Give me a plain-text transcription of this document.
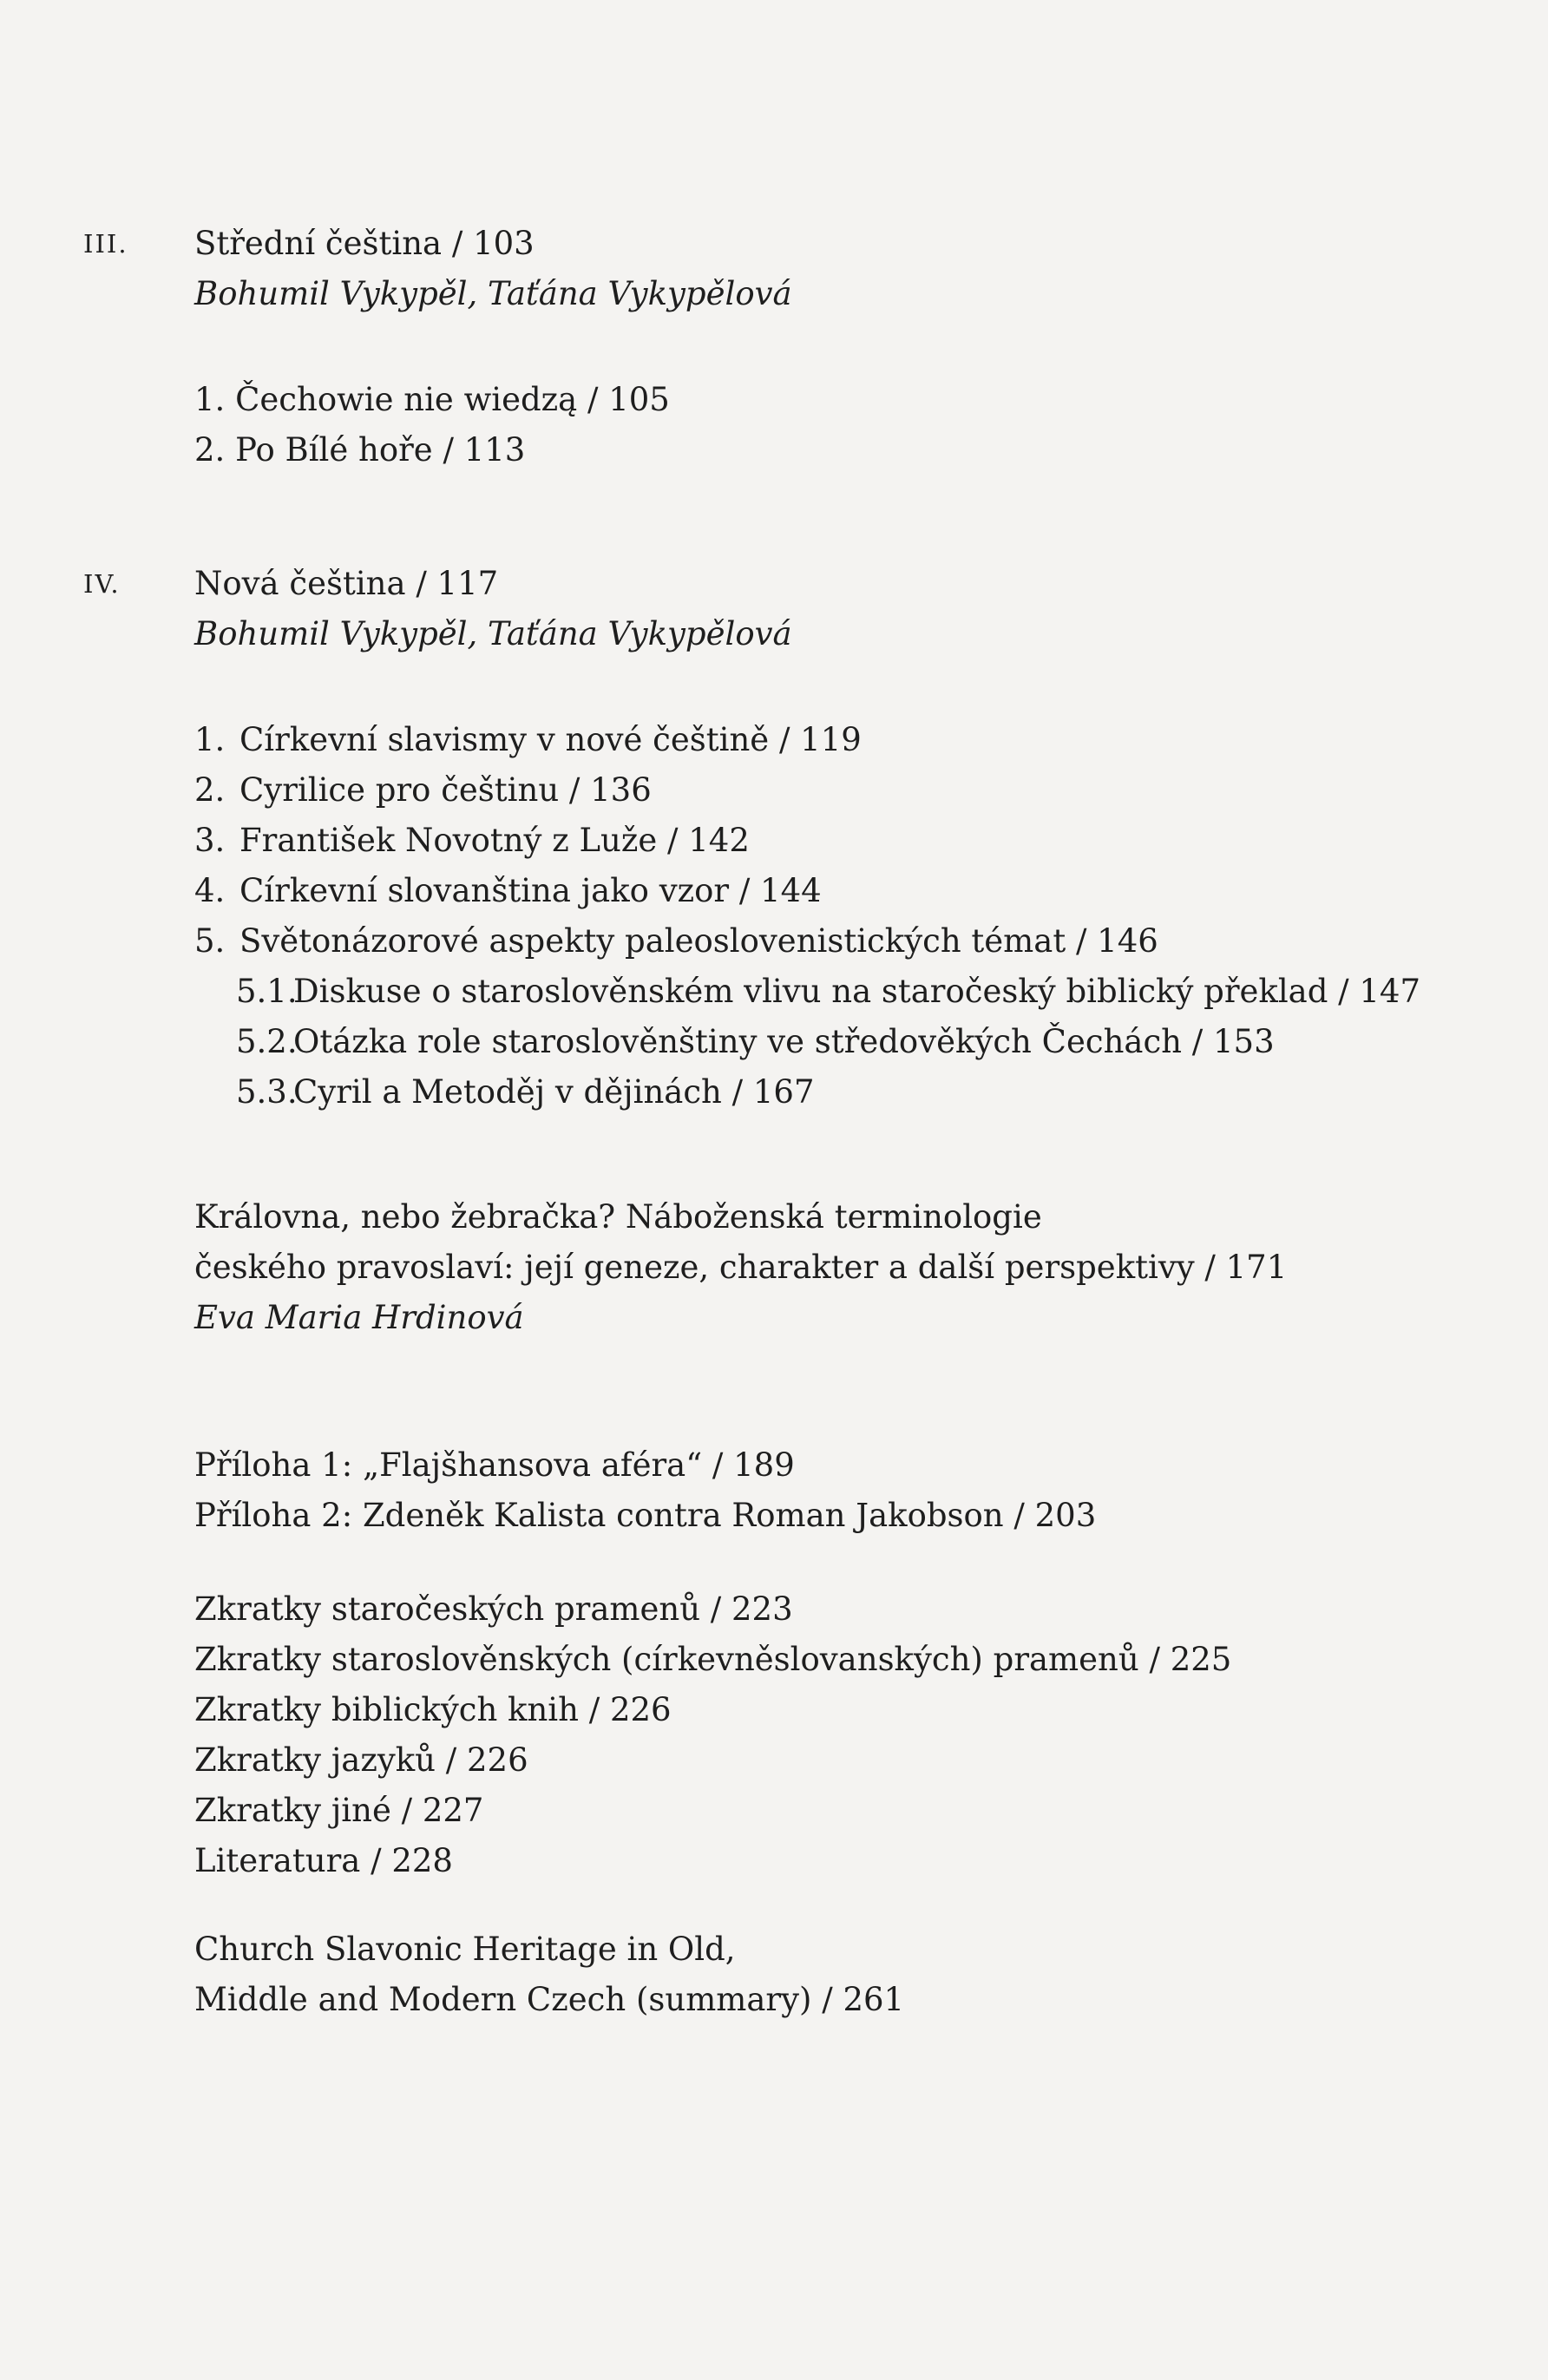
III. Střední čeština / 103
Bohumil Vykypěl, Taťána Vykypělová
1. Čechowie nie wiedzą / 105
2. Po Bílé hoře / 113
IV. Nová čeština / 117
Bohumil Vykypěl, Taťána Vykypělová
1. Církevní slavismy v nové češtině / 119
2. Cyrilice pro češtinu / 136
3. František Novotný z Luže / 142
4. Církevní slovanština jako vzor / 144
5. Světonázorové aspekty paleoslovenistických témat / 146
5.1.Diskuse o staroslověnském vlivu na staročeský biblický překlad / 147
5.2.Otázka role staroslověnštiny ve středověkých Čechách / 153
5.3.Cyril a Metoděj v dějinách / 167
Královna, nebo žebračka? Náboženská terminologie
českého pravoslaví: její geneze, charakter a další perspektivy / 171
Eva Maria Hrdinová
Příloha 1: „Flajšhansova aféra“ / 189
Příloha 2: Zdeněk Kalista contra Roman Jakobson / 203
Zkratky staročeských pramenů / 223
Zkratky staroslověnských (církevněslovanských) pramenů / 225
Zkratky biblických knih / 226
Zkratky jazyků / 226
Zkratky jiné / 227
Literatura / 228
Church Slavonic Heritage in Old,
Middle and Modern Czech (summary) / 261
